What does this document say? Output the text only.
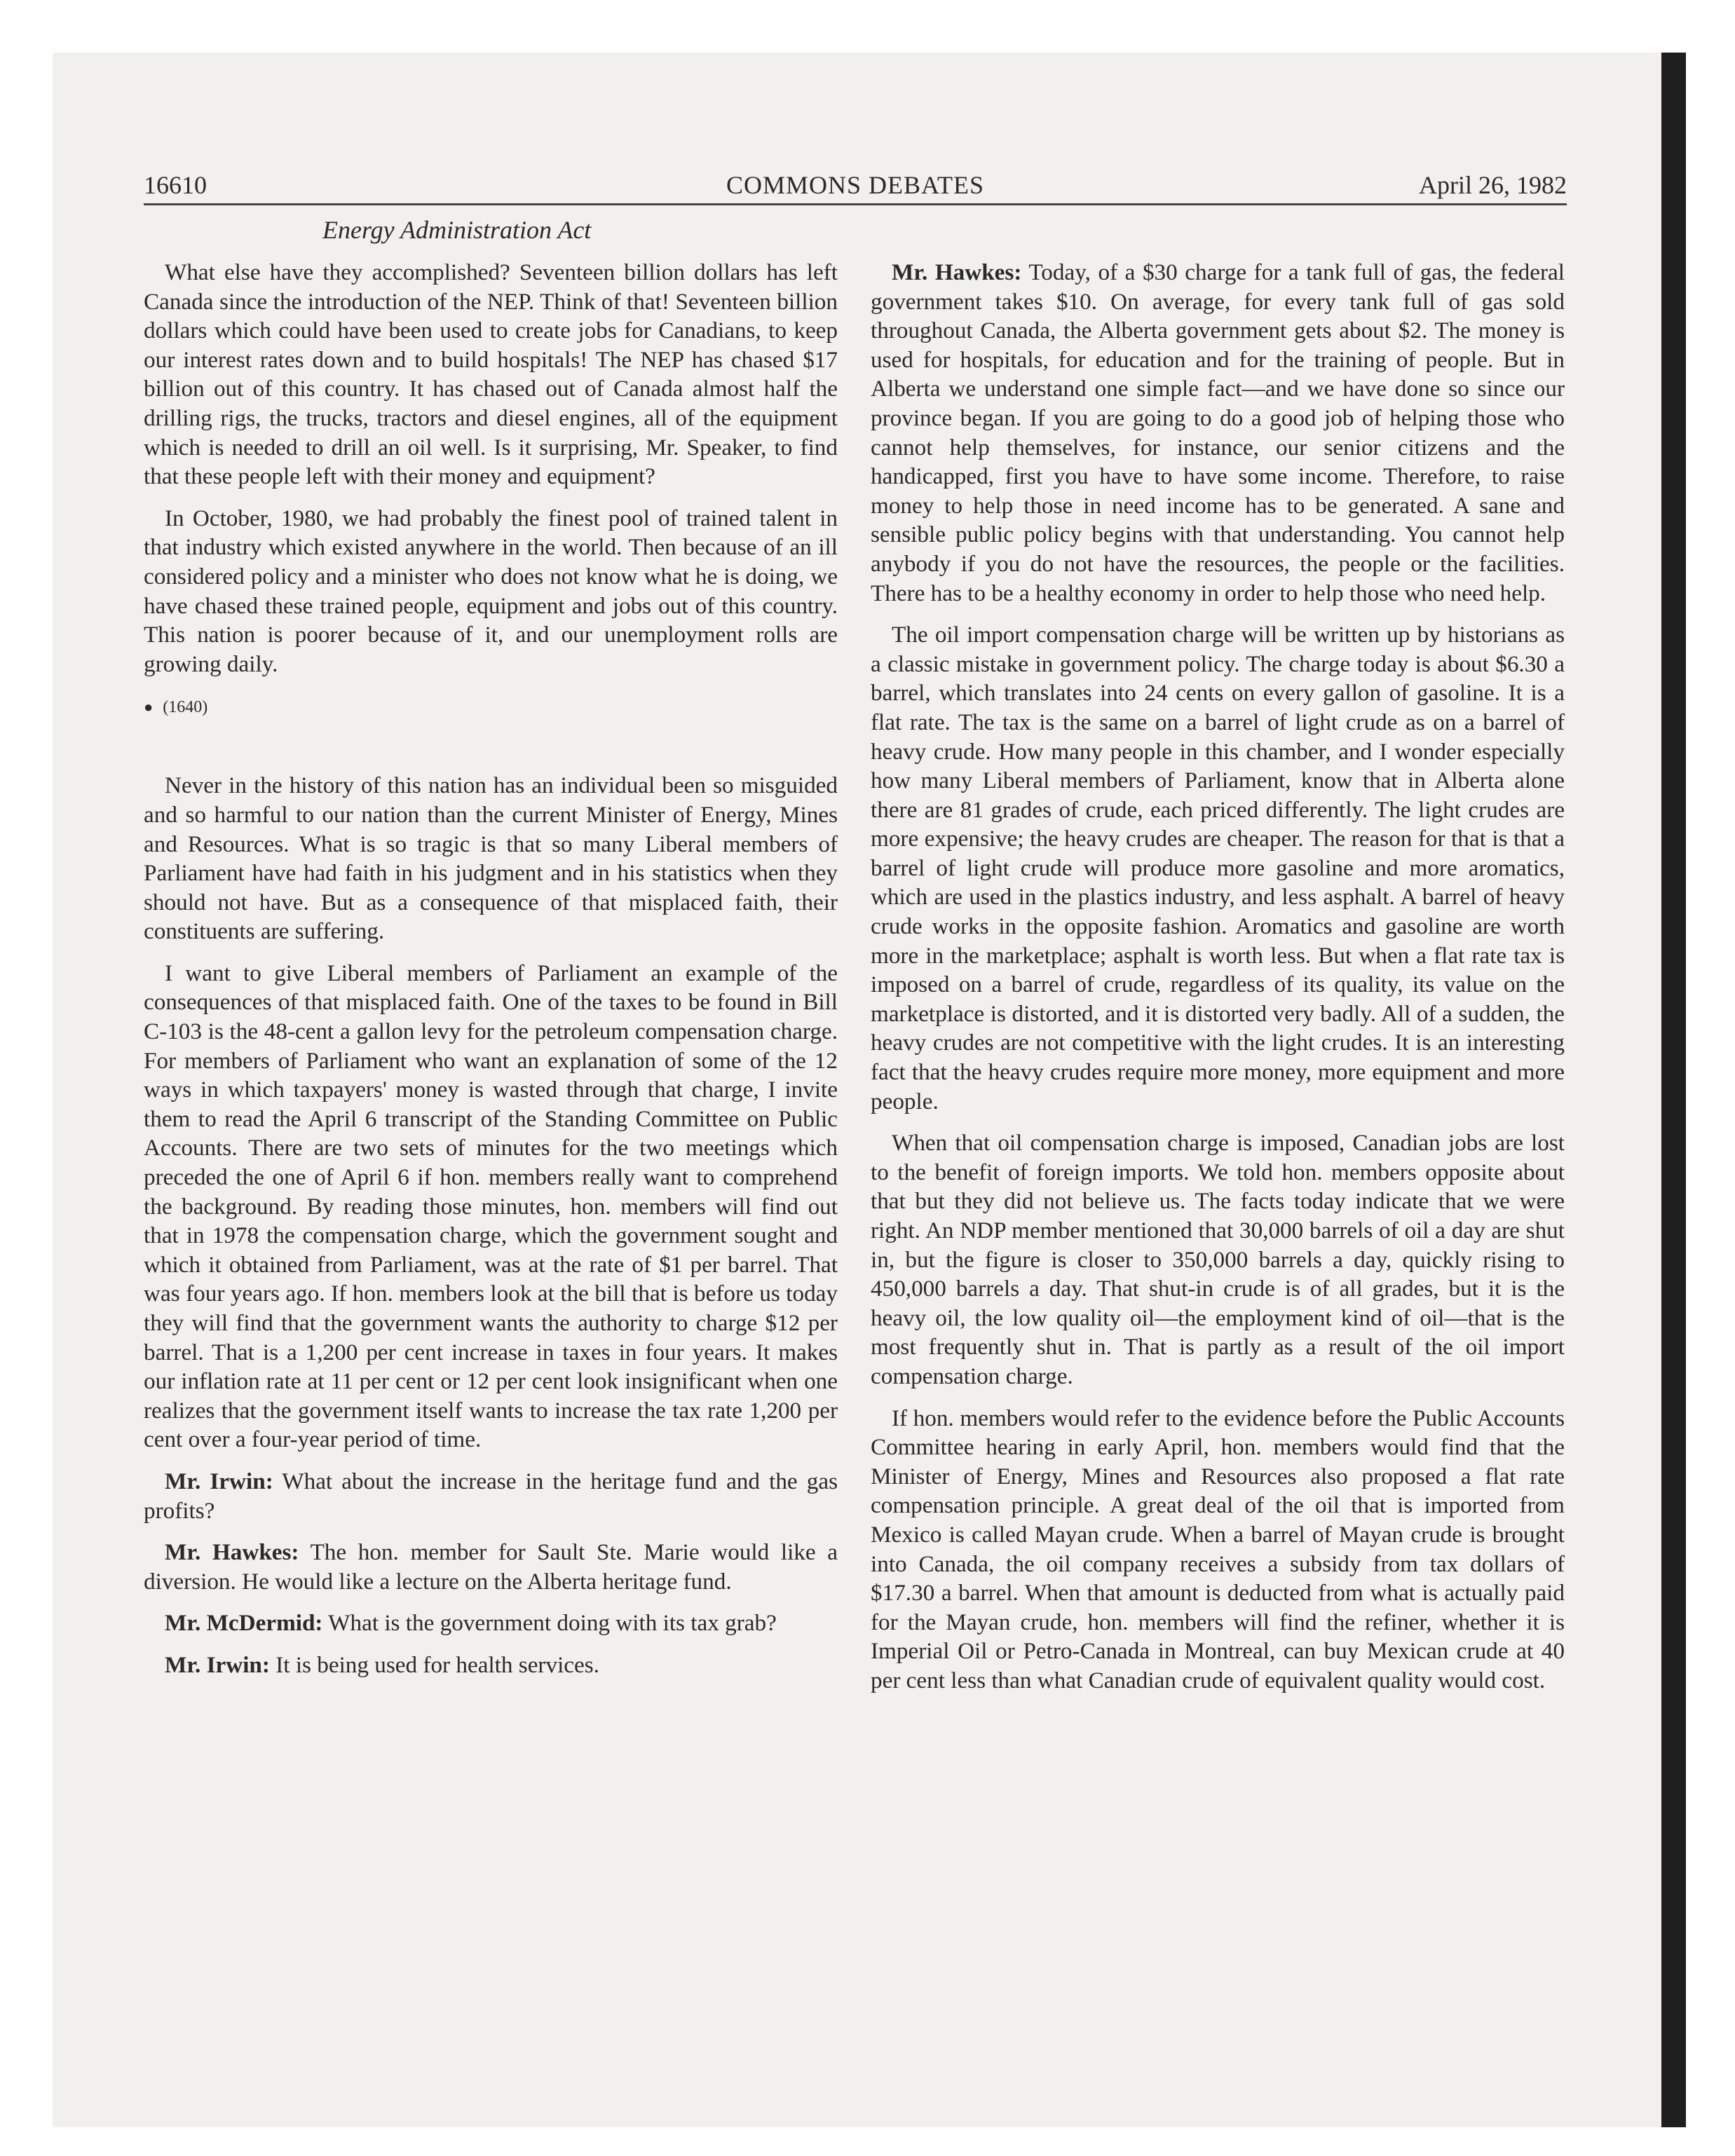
16610	COMMONS DEBATES	April 26, 1982
Energy Administration Act

What else have they accomplished? Seventeen billion dollars has left Canada since the introduction of the NEP. Think of that! Seventeen billion dollars which could have been used to create jobs for Canadians, to keep our interest rates down and to build hospitals! The NEP has chased $17 billion out of this country. It has chased out of Canada almost half the drilling rigs, the trucks, tractors and diesel engines, all of the equipment which is needed to drill an oil well. Is it surprising, Mr. Speaker, to find that these people left with their money and equipment?

In October, 1980, we had probably the finest pool of trained talent in that industry which existed anywhere in the world. Then because of an ill considered policy and a minister who does not know what he is doing, we have chased these trained people, equipment and jobs out of this country. This nation is poorer because of it, and our unemployment rolls are growing daily.

● (1640)

Never in the history of this nation has an individual been so misguided and so harmful to our nation than the current Minister of Energy, Mines and Resources. What is so tragic is that so many Liberal members of Parliament have had faith in his judgment and in his statistics when they should not have. But as a consequence of that misplaced faith, their constituents are suffering.

I want to give Liberal members of Parliament an example of the consequences of that misplaced faith. One of the taxes to be found in Bill C-103 is the 48-cent a gallon levy for the petroleum compensation charge. For members of Parliament who want an explanation of some of the 12 ways in which taxpayers' money is wasted through that charge, I invite them to read the April 6 transcript of the Standing Committee on Public Accounts. There are two sets of minutes for the two meetings which preceded the one of April 6 if hon. members really want to comprehend the background. By reading those minutes, hon. members will find out that in 1978 the compensation charge, which the government sought and which it obtained from Parliament, was at the rate of $1 per barrel. That was four years ago. If hon. members look at the bill that is before us today they will find that the government wants the authority to charge $12 per barrel. That is a 1,200 per cent increase in taxes in four years. It makes our inflation rate at 11 per cent or 12 per cent look insignificant when one realizes that the government itself wants to increase the tax rate 1,200 per cent over a four-year period of time.

Mr. Irwin: What about the increase in the heritage fund and the gas profits?

Mr. Hawkes: The hon. member for Sault Ste. Marie would like a diversion. He would like a lecture on the Alberta heritage fund.

Mr. McDermid: What is the government doing with its tax grab?

Mr. Irwin: It is being used for health services.

Mr. Hawkes: Today, of a $30 charge for a tank full of gas, the federal government takes $10. On average, for every tank full of gas sold throughout Canada, the Alberta government gets about $2. The money is used for hospitals, for education and for the training of people. But in Alberta we understand one simple fact—and we have done so since our province began. If you are going to do a good job of helping those who cannot help themselves, for instance, our senior citizens and the handicapped, first you have to have some income. Therefore, to raise money to help those in need income has to be generated. A sane and sensible public policy begins with that understanding. You cannot help anybody if you do not have the resources, the people or the facilities. There has to be a healthy economy in order to help those who need help.

The oil import compensation charge will be written up by historians as a classic mistake in government policy. The charge today is about $6.30 a barrel, which translates into 24 cents on every gallon of gasoline. It is a flat rate. The tax is the same on a barrel of light crude as on a barrel of heavy crude. How many people in this chamber, and I wonder especially how many Liberal members of Parliament, know that in Alberta alone there are 81 grades of crude, each priced differently. The light crudes are more expensive; the heavy crudes are cheaper. The reason for that is that a barrel of light crude will produce more gasoline and more aromatics, which are used in the plastics industry, and less asphalt. A barrel of heavy crude works in the opposite fashion. Aromatics and gasoline are worth more in the marketplace; asphalt is worth less. But when a flat rate tax is imposed on a barrel of crude, regardless of its quality, its value on the marketplace is distorted, and it is distorted very badly. All of a sudden, the heavy crudes are not competitive with the light crudes. It is an interesting fact that the heavy crudes require more money, more equipment and more people.

When that oil compensation charge is imposed, Canadian jobs are lost to the benefit of foreign imports. We told hon. members opposite about that but they did not believe us. The facts today indicate that we were right. An NDP member mentioned that 30,000 barrels of oil a day are shut in, but the figure is closer to 350,000 barrels a day, quickly rising to 450,000 barrels a day. That shut-in crude is of all grades, but it is the heavy oil, the low quality oil—the employment kind of oil—that is the most frequently shut in. That is partly as a result of the oil import compensation charge.

If hon. members would refer to the evidence before the Public Accounts Committee hearing in early April, hon. members would find that the Minister of Energy, Mines and Resources also proposed a flat rate compensation principle. A great deal of the oil that is imported from Mexico is called Mayan crude. When a barrel of Mayan crude is brought into Canada, the oil company receives a subsidy from tax dollars of $17.30 a barrel. When that amount is deducted from what is actually paid for the Mayan crude, hon. members will find the refiner, whether it is Imperial Oil or Petro-Canada in Montreal, can buy Mexican crude at 40 per cent less than what Canadian crude of equivalent quality would cost.
